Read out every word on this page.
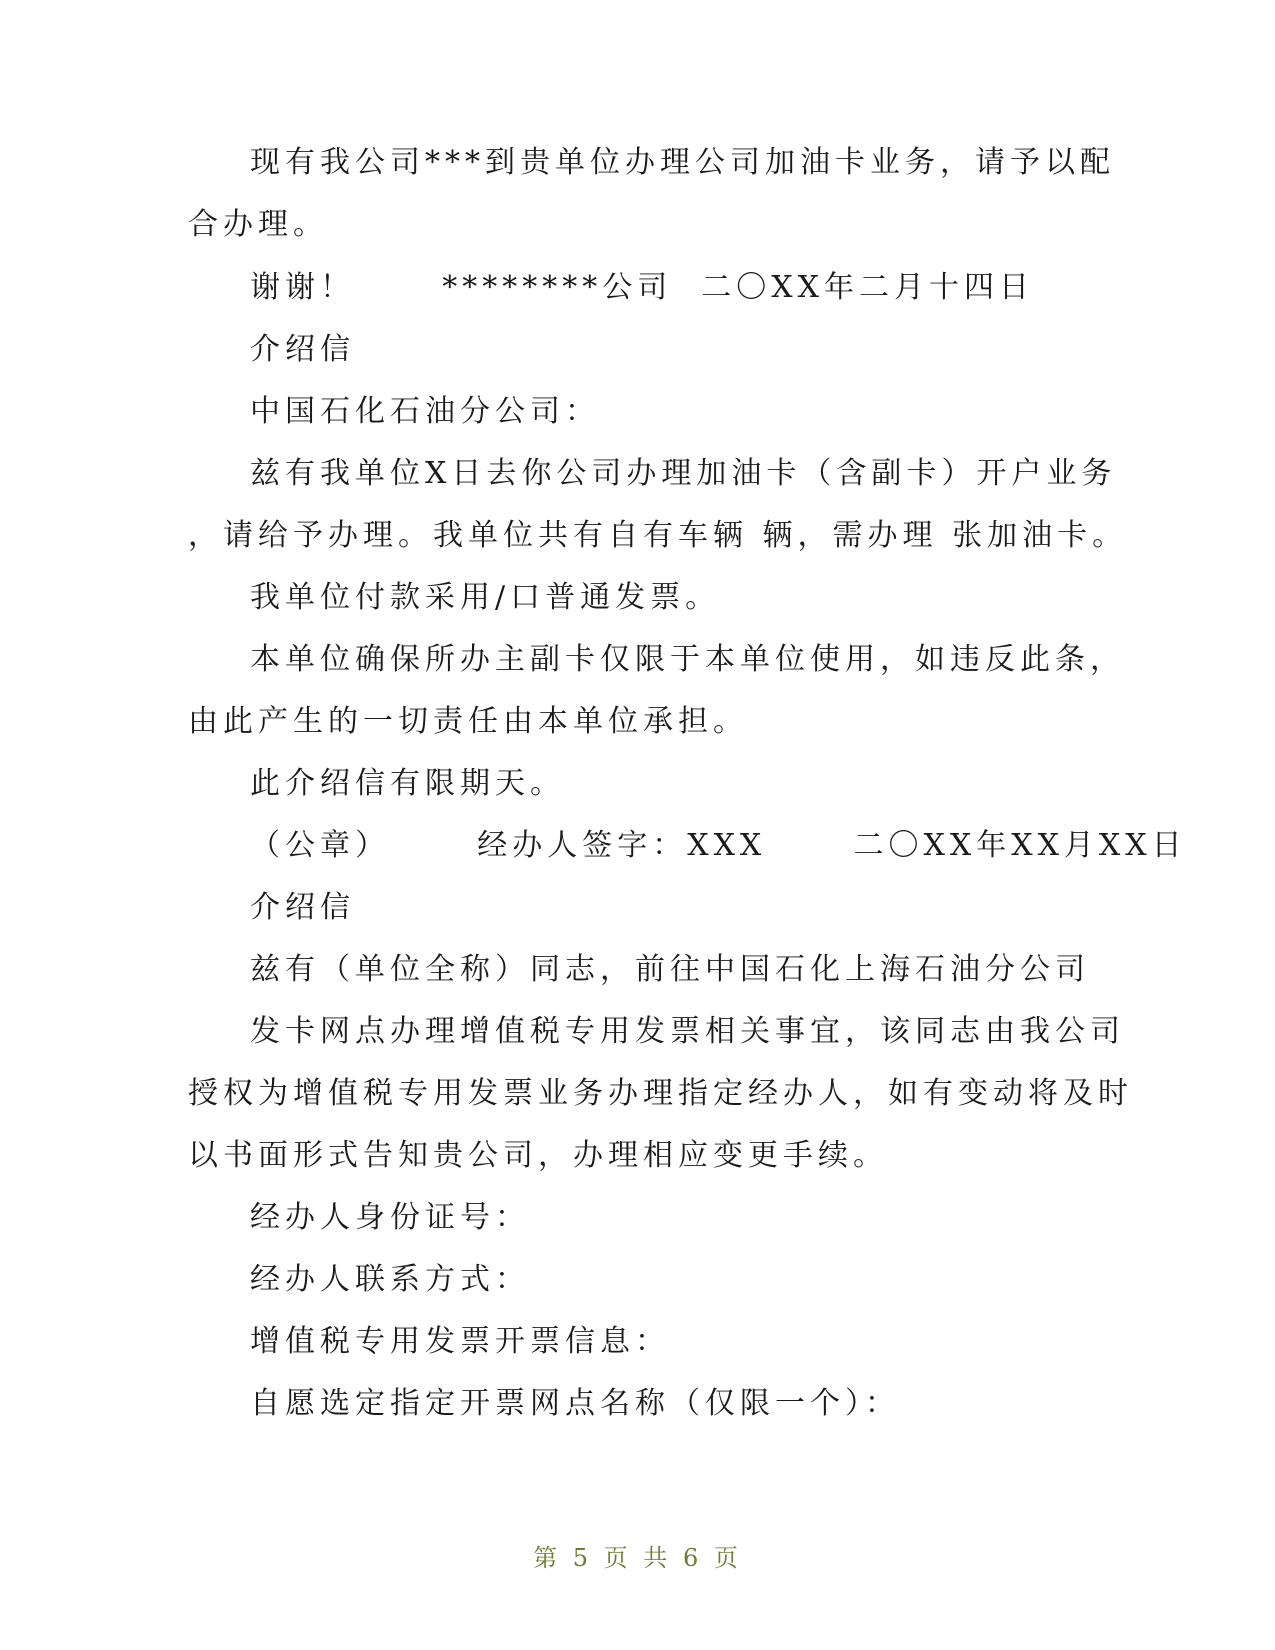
现有我公司***到贵单位办理公司加油卡业务，请予以配
合办理。
谢谢！      ********公司  二〇XX年二月十四日
介绍信
中国石化石油分公司：
兹有我单位X日去你公司办理加油卡（含副卡）开户业务
，请给予办理。我单位共有自有车辆 辆，需办理 张加油卡。
我单位付款采用/口普通发票。
本单位确保所办主副卡仅限于本单位使用，如违反此条，
由此产生的一切责任由本单位承担。
此介绍信有限期天。
（公章）      经办人签字：XXX      二〇XX年XX月XX日
介绍信
兹有（单位全称）同志，前往中国石化上海石油分公司
发卡网点办理增值税专用发票相关事宜，该同志由我公司
授权为增值税专用发票业务办理指定经办人，如有变动将及时
以书面形式告知贵公司，办理相应变更手续。
经办人身份证号：
经办人联系方式：
增值税专用发票开票信息：
自愿选定指定开票网点名称（仅限一个）：
第 5 页 共 6 页
